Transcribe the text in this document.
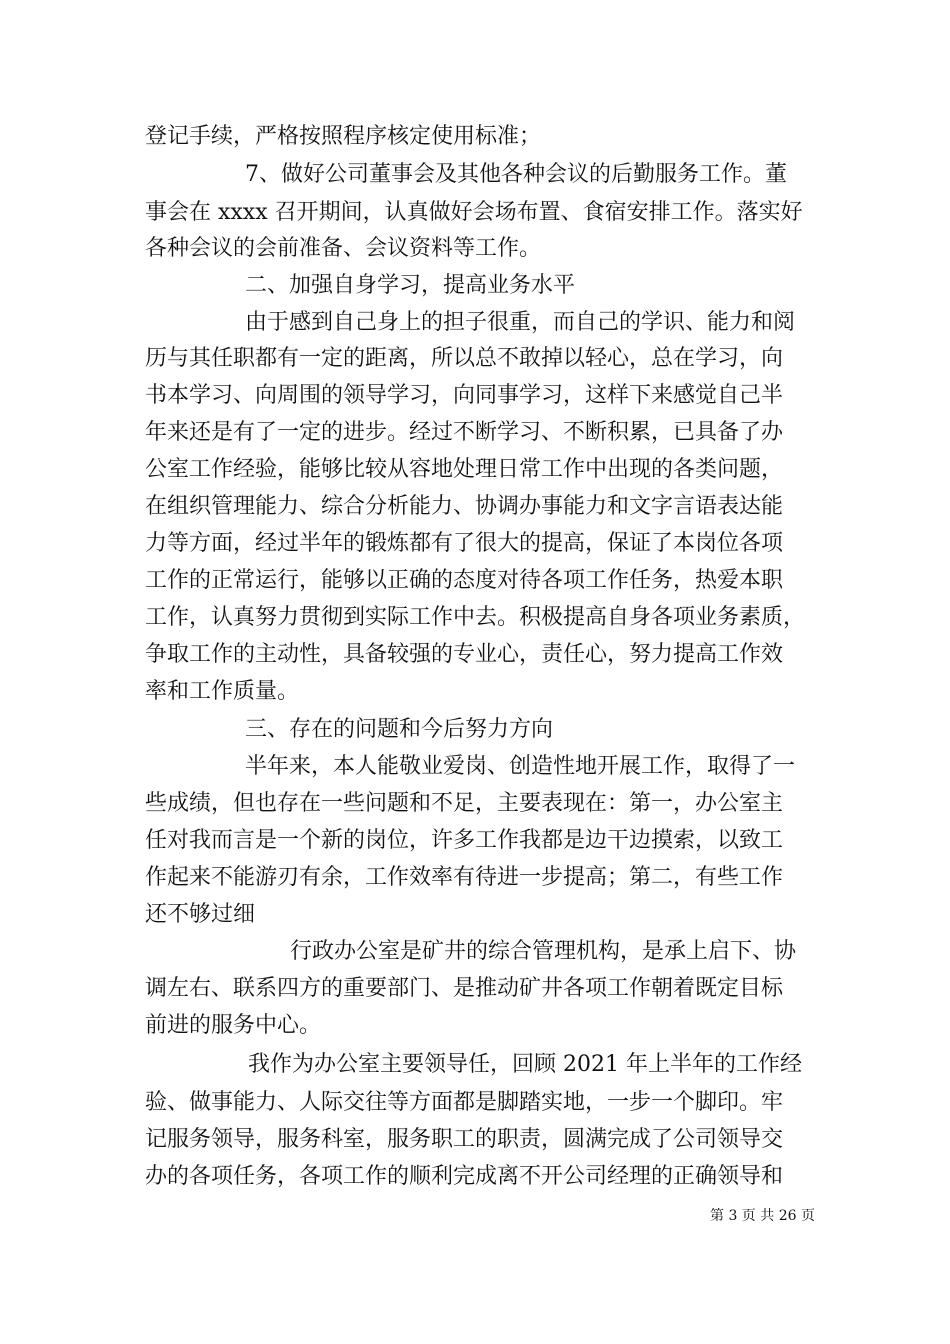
登记手续，严格按照程序核定使用标准；
7、做好公司董事会及其他各种会议的后勤服务工作。董
事会在 xxxx 召开期间，认真做好会场布置、食宿安排工作。落实好
各种会议的会前准备、会议资料等工作。
二、加强自身学习，提高业务水平
由于感到自己身上的担子很重，而自己的学识、能力和阅
历与其任职都有一定的距离，所以总不敢掉以轻心，总在学习，向
书本学习、向周围的领导学习，向同事学习，这样下来感觉自己半
年来还是有了一定的进步。经过不断学习、不断积累，已具备了办
公室工作经验，能够比较从容地处理日常工作中出现的各类问题，
在组织管理能力、综合分析能力、协调办事能力和文字言语表达能
力等方面，经过半年的锻炼都有了很大的提高，保证了本岗位各项
工作的正常运行，能够以正确的态度对待各项工作任务，热爱本职
工作，认真努力贯彻到实际工作中去。积极提高自身各项业务素质，
争取工作的主动性，具备较强的专业心，责任心，努力提高工作效
率和工作质量。
三、存在的问题和今后努力方向
半年来，本人能敬业爱岗、创造性地开展工作，取得了一
些成绩，但也存在一些问题和不足，主要表现在：第一，办公室主
任对我而言是一个新的岗位，许多工作我都是边干边摸索，以致工
作起来不能游刃有余，工作效率有待进一步提高；第二，有些工作
还不够过细
行政办公室是矿井的综合管理机构，是承上启下、协
调左右、联系四方的重要部门、是推动矿井各项工作朝着既定目标
前进的服务中心。
我作为办公室主要领导任，回顾 2021 年上半年的工作经
验、做事能力、人际交往等方面都是脚踏实地，一步一个脚印。牢
记服务领导，服务科室，服务职工的职责，圆满完成了公司领导交
办的各项任务，各项工作的顺利完成离不开公司经理的正确领导和
第 3 页 共 26 页
